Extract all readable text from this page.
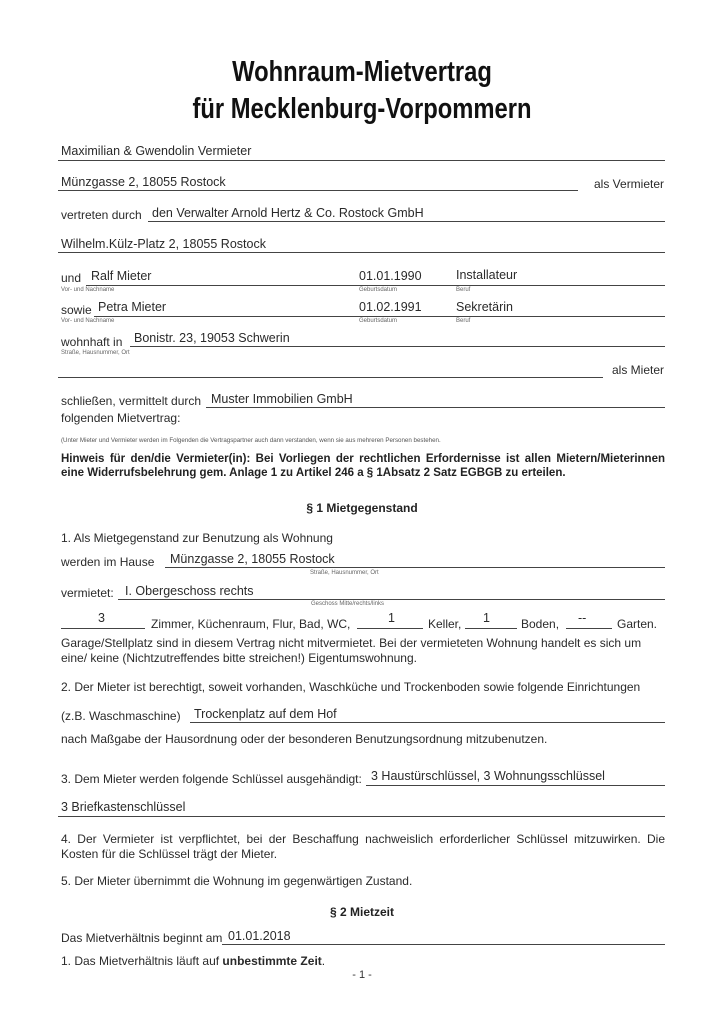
Wohnraum-Mietvertrag
für Mecklenburg-Vorpommern
Maximilian & Gwendolin Vermieter
Münzgasse 2, 18055 Rostock	als Vermieter
vertreten durch den Verwalter Arnold Hertz & Co. Rostock GmbH
Wilhelm.Külz-Platz 2, 18055 Rostock
und Ralf Mieter	01.01.1990	Installateur
Vor- und Nachname	Geburtsdatum	Beruf
sowie Petra Mieter	01.02.1991	Sekretärin
Vor- und Nachname	Geburtsdatum	Beruf
wohnhaft in Bonistr. 23, 19053 Schwerin
Straße, Hausnummer, Ort
als Mieter
schließen, vermittelt durch Muster Immobilien GmbH
folgenden Mietvertrag:
(Unter Mieter und Vermieter werden im Folgenden die Vertragspartner auch dann verstanden, wenn sie aus mehreren Personen bestehen.
Hinweis für den/die Vermieter(in): Bei Vorliegen der rechtlichen Erfordernisse ist allen Mietern/Mieterinnen eine Widerrufsbelehrung gem. Anlage 1 zu Artikel 246 a § 1Absatz 2 Satz EGBGB zu erteilen.
§ 1 Mietgegenstand
1. Als Mietgegenstand zur Benutzung als Wohnung
werden im Hause Münzgasse 2, 18055 Rostock
Straße, Hausnummer, Ort
vermietet: I. Obergeschoss rechts
Geschoss Mitte/rechts/links
3	Zimmer, Küchenraum, Flur, Bad, WC,	1	Keller, 1	Boden, --	Garten.
Garage/Stellplatz sind in diesem Vertrag nicht mitvermietet. Bei der vermieteten Wohnung handelt es sich um eine/ keine (Nichtzutreffendes bitte streichen!) Eigentumswohnung.
2. Der Mieter ist berechtigt, soweit vorhanden, Waschküche und Trockenboden sowie folgende Einrichtungen
(z.B. Waschmaschine) Trockenplatz auf dem Hof
nach Maßgabe der Hausordnung oder der besonderen Benutzungsordnung mitzubenutzen.
3. Dem Mieter werden folgende Schlüssel ausgehändigt: 3 Haustürschlüssel, 3 Wohnungsschlüssel
3 Briefkastenschlüssel
4. Der Vermieter ist verpflichtet, bei der Beschaffung nachweislich erforderlicher Schlüssel mitzuwirken. Die Kosten für die Schlüssel trägt der Mieter.
5. Der Mieter übernimmt die Wohnung im gegenwärtigen Zustand.
§ 2 Mietzeit
Das Mietverhältnis beginnt am 01.01.2018
1. Das Mietverhältnis läuft auf unbestimmte Zeit.
- 1 -
